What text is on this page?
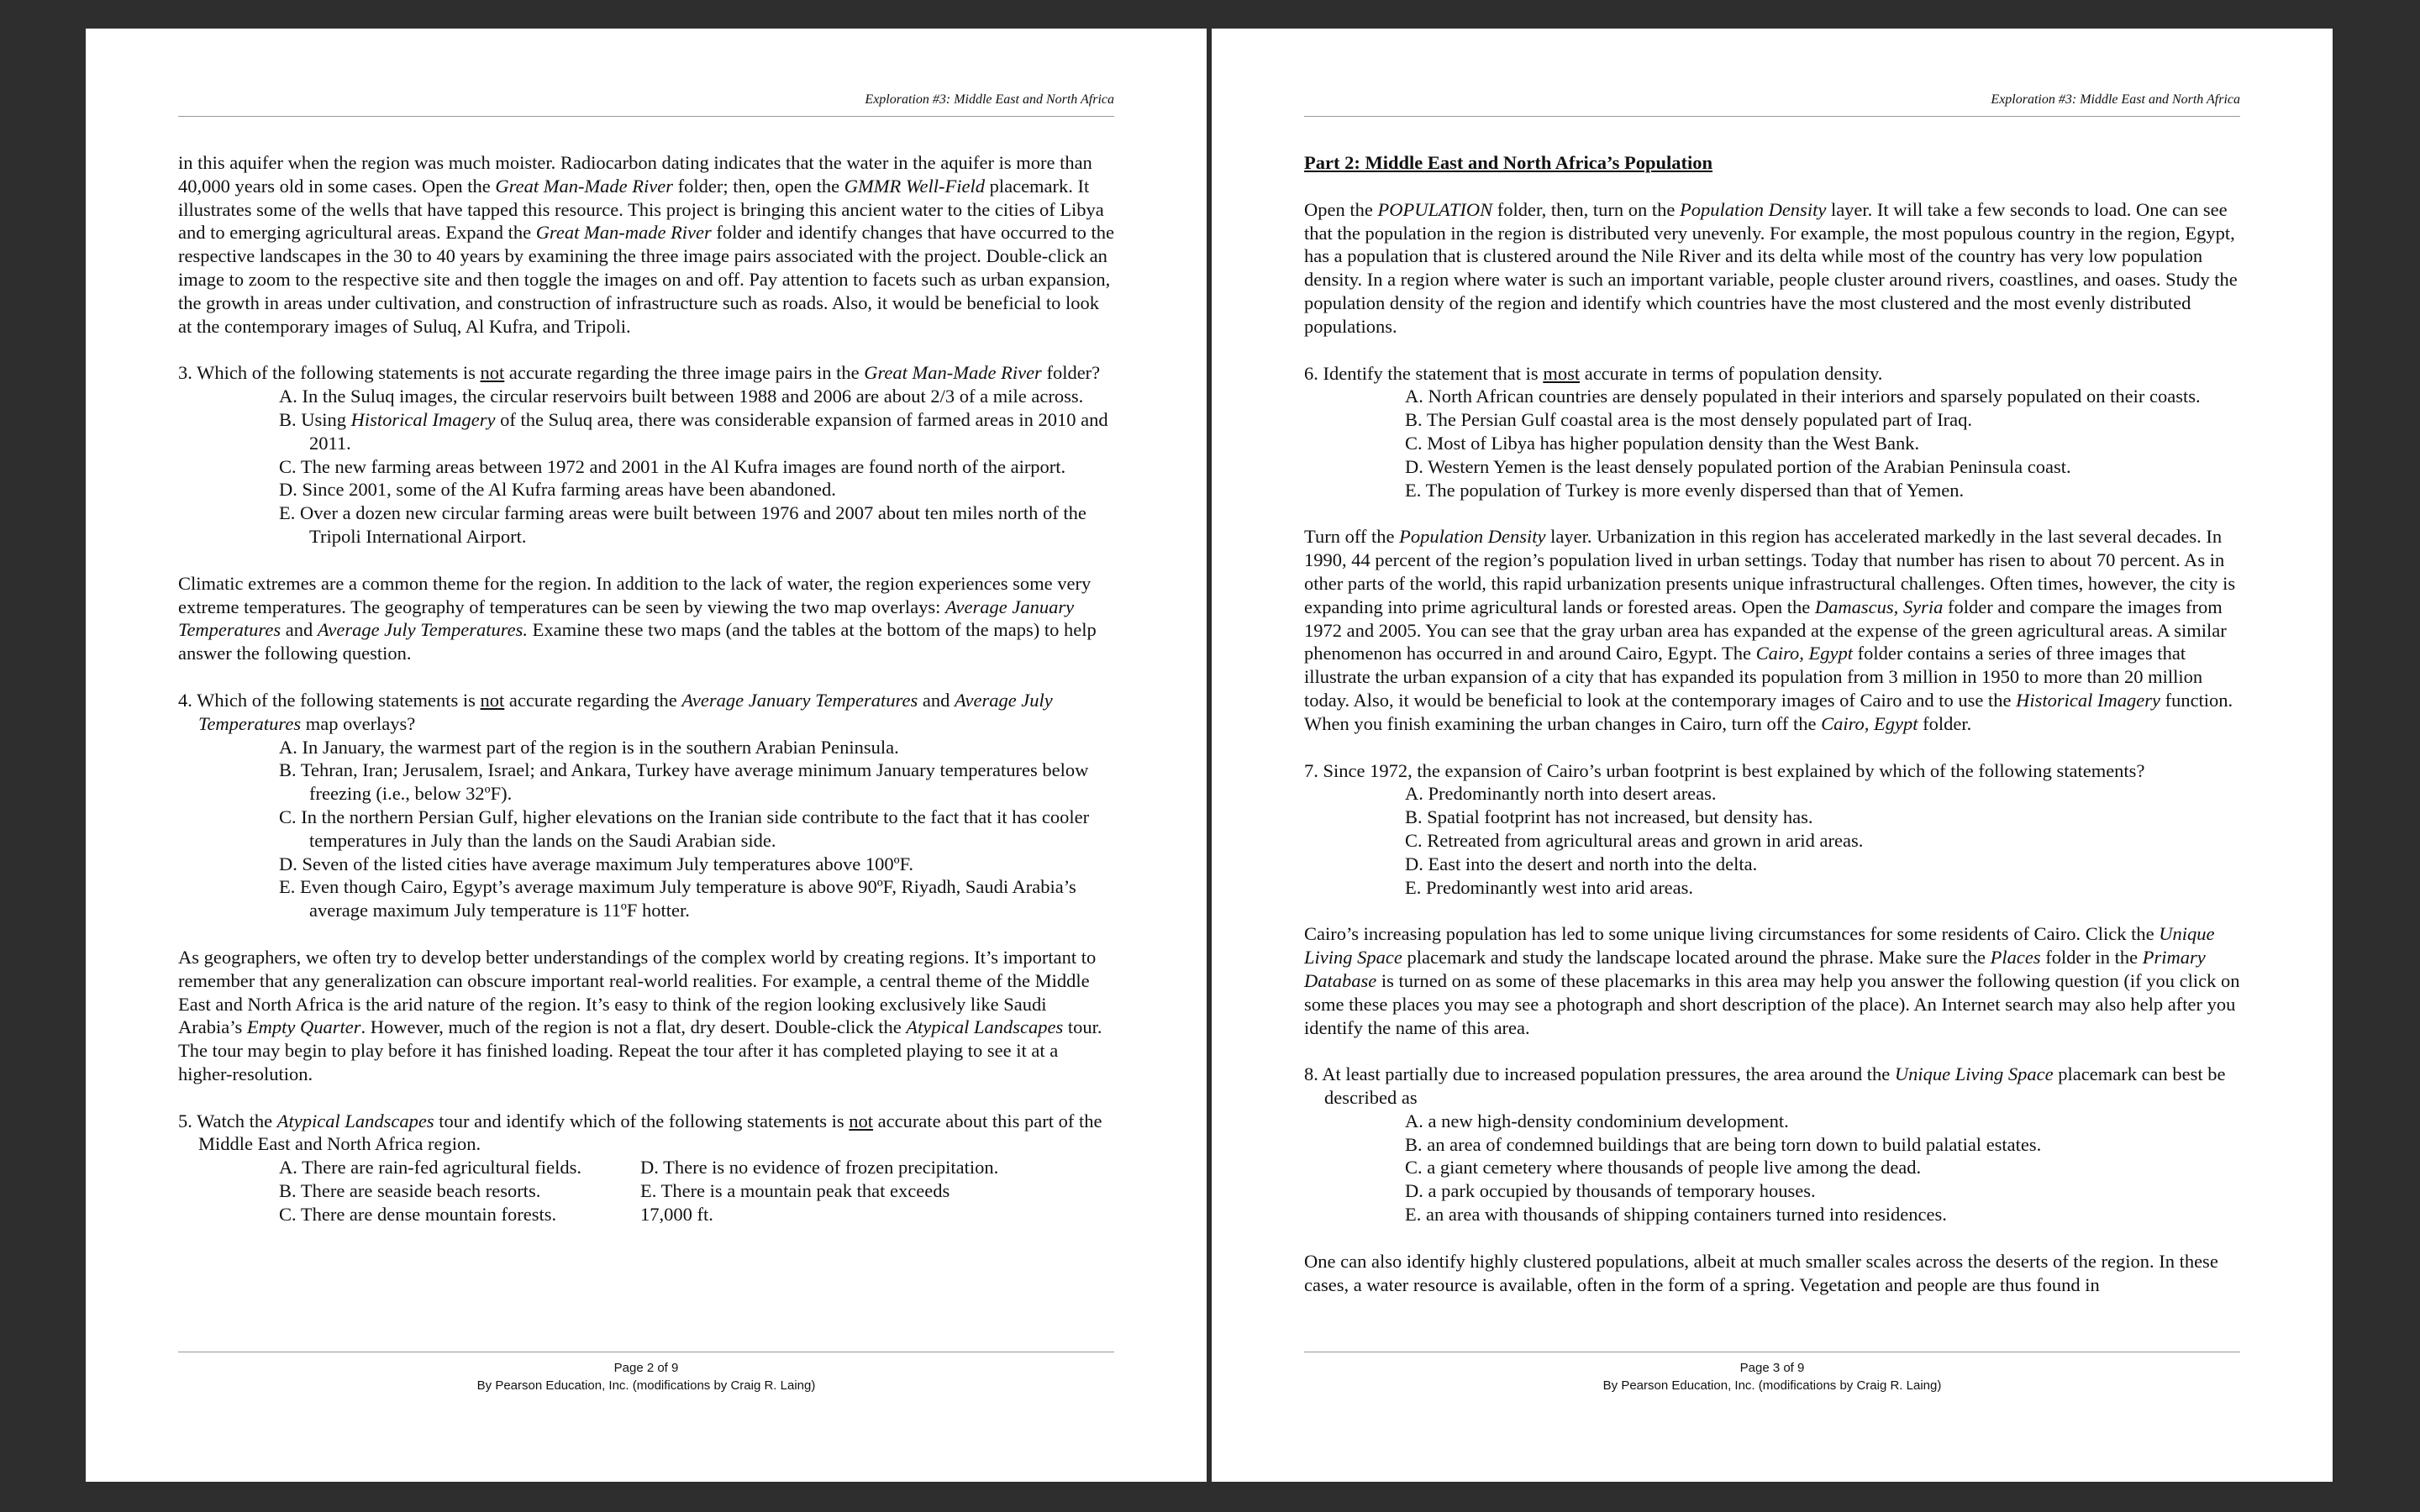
Exploration #3: Middle East and North Africa

in this aquifer when the region was much moister. Radiocarbon dating indicates that the water in the aquifer is more than 40,000 years old in some cases. Open the Great Man-Made River folder; then, open the GMMR Well-Field placemark. It illustrates some of the wells that have tapped this resource. This project is bringing this ancient water to the cities of Libya and to emerging agricultural areas. Expand the Great Man-made River folder and identify changes that have occurred to the respective landscapes in the 30 to 40 years by examining the three image pairs associated with the project. Double-click an image to zoom to the respective site and then toggle the images on and off. Pay attention to facets such as urban expansion, the growth in areas under cultivation, and construction of infrastructure such as roads. Also, it would be beneficial to look at the contemporary images of Suluq, Al Kufra, and Tripoli.

3. Which of the following statements is not accurate regarding the three image pairs in the Great Man-Made River folder?
A. In the Suluq images, the circular reservoirs built between 1988 and 2006 are about 2/3 of a mile across.
B. Using Historical Imagery of the Suluq area, there was considerable expansion of farmed areas in 2010 and 2011.
C. The new farming areas between 1972 and 2001 in the Al Kufra images are found north of the airport.
D. Since 2001, some of the Al Kufra farming areas have been abandoned.
E. Over a dozen new circular farming areas were built between 1976 and 2007 about ten miles north of the Tripoli International Airport.

Climatic extremes are a common theme for the region. In addition to the lack of water, the region experiences some very extreme temperatures. The geography of temperatures can be seen by viewing the two map overlays: Average January Temperatures and Average July Temperatures. Examine these two maps (and the tables at the bottom of the maps) to help answer the following question.

4. Which of the following statements is not accurate regarding the Average January Temperatures and Average July Temperatures map overlays?
A. In January, the warmest part of the region is in the southern Arabian Peninsula.
B. Tehran, Iran; Jerusalem, Israel; and Ankara, Turkey have average minimum January temperatures below freezing (i.e., below 32ºF).
C. In the northern Persian Gulf, higher elevations on the Iranian side contribute to the fact that it has cooler temperatures in July than the lands on the Saudi Arabian side.
D. Seven of the listed cities have average maximum July temperatures above 100ºF.
E. Even though Cairo, Egypt’s average maximum July temperature is above 90ºF, Riyadh, Saudi Arabia’s average maximum July temperature is 11ºF hotter.

As geographers, we often try to develop better understandings of the complex world by creating regions. It’s important to remember that any generalization can obscure important real-world realities. For example, a central theme of the Middle East and North Africa is the arid nature of the region. It’s easy to think of the region looking exclusively like Saudi Arabia’s Empty Quarter. However, much of the region is not a flat, dry desert. Double-click the Atypical Landscapes tour. The tour may begin to play before it has finished loading. Repeat the tour after it has completed playing to see it at a higher-resolution.

5. Watch the Atypical Landscapes tour and identify which of the following statements is not accurate about this part of the Middle East and North Africa region.
A. There are rain-fed agricultural fields.
B. There are seaside beach resorts.
C. There are dense mountain forests.
D. There is no evidence of frozen precipitation.
E. There is a mountain peak that exceeds 17,000 ft.
Page 2 of 9
By Pearson Education, Inc. (modifications by Craig R. Laing)
Exploration #3: Middle East and North Africa
Part 2: Middle East and North Africa’s Population

Open the POPULATION folder, then, turn on the Population Density layer. It will take a few seconds to load. One can see that the population in the region is distributed very unevenly. For example, the most populous country in the region, Egypt, has a population that is clustered around the Nile River and its delta while most of the country has very low population density. In a region where water is such an important variable, people cluster around rivers, coastlines, and oases. Study the population density of the region and identify which countries have the most clustered and the most evenly distributed populations.

6. Identify the statement that is most accurate in terms of population density.
A. North African countries are densely populated in their interiors and sparsely populated on their coasts.
B. The Persian Gulf coastal area is the most densely populated part of Iraq.
C. Most of Libya has higher population density than the West Bank.
D. Western Yemen is the least densely populated portion of the Arabian Peninsula coast.
E. The population of Turkey is more evenly dispersed than that of Yemen.

Turn off the Population Density layer. Urbanization in this region has accelerated markedly in the last several decades. In 1990, 44 percent of the region’s population lived in urban settings. Today that number has risen to about 70 percent. As in other parts of the world, this rapid urbanization presents unique infrastructural challenges. Often times, however, the city is expanding into prime agricultural lands or forested areas. Open the Damascus, Syria folder and compare the images from 1972 and 2005. You can see that the gray urban area has expanded at the expense of the green agricultural areas. A similar phenomenon has occurred in and around Cairo, Egypt. The Cairo, Egypt folder contains a series of three images that illustrate the urban expansion of a city that has expanded its population from 3 million in 1950 to more than 20 million today. Also, it would be beneficial to look at the contemporary images of Cairo and to use the Historical Imagery function. When you finish examining the urban changes in Cairo, turn off the Cairo, Egypt folder.

7. Since 1972, the expansion of Cairo’s urban footprint is best explained by which of the following statements?
A. Predominantly north into desert areas.
B. Spatial footprint has not increased, but density has.
C. Retreated from agricultural areas and grown in arid areas.
D. East into the desert and north into the delta.
E. Predominantly west into arid areas.

Cairo’s increasing population has led to some unique living circumstances for some residents of Cairo. Click the Unique Living Space placemark and study the landscape located around the phrase. Make sure the Places folder in the Primary Database is turned on as some of these placemarks in this area may help you answer the following question (if you click on some these places you may see a photograph and short description of the place). An Internet search may also help after you identify the name of this area.

8. At least partially due to increased population pressures, the area around the Unique Living Space placemark can best be described as
A. a new high-density condominium development.
B. an area of condemned buildings that are being torn down to build palatial estates.
C. a giant cemetery where thousands of people live among the dead.
D. a park occupied by thousands of temporary houses.
E. an area with thousands of shipping containers turned into residences.

One can also identify highly clustered populations, albeit at much smaller scales across the deserts of the region. In these cases, a water resource is available, often in the form of a spring. Vegetation and people are thus found in

Page 3 of 9
By Pearson Education, Inc. (modifications by Craig R. Laing)
